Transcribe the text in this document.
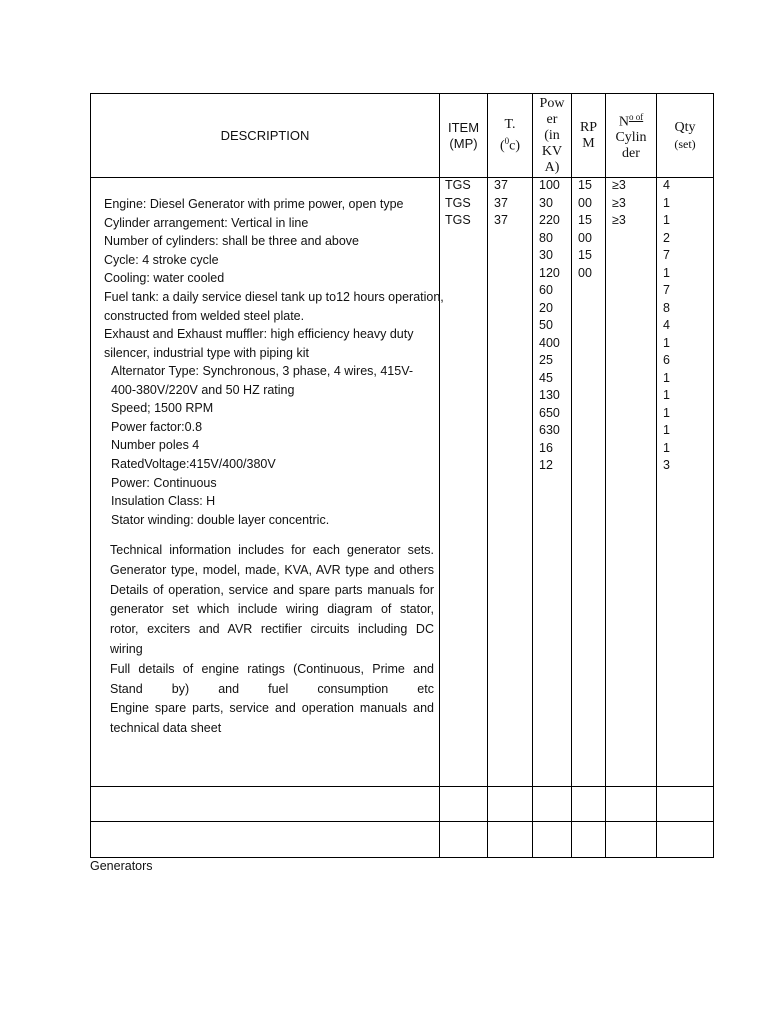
DESCRIPTION
ITEM
(MP)
T.
($^0$c)
Pow
er
(in
KV
A)
RP
M
$N^{o of}$
Cylin
der
Qty
(set)
Engine: Diesel Generator with prime power, open type
Cylinder arrangement: Vertical in line
Number of cylinders: shall be three and above
Cycle: 4 stroke cycle
Cooling: water cooled
Fuel tank: a daily service diesel tank up to12 hours operation,
constructed from welded steel plate.
Exhaust and Exhaust muffler: high efficiency heavy duty
silencer, industrial type with piping kit
Alternator Type: Synchronous, 3 phase, 4 wires, 415V-
400-380V/220V and 50 HZ rating
Speed; 1500 RPM
Power factor:0.8
Number poles 4
RatedVoltage:415V/400/380V
Power: Continuous
Insulation Class: H
Stator winding: double layer concentric.
Technical information includes for each generator sets.
Generator type, model, made, KVA, AVR type and others
Details of operation, service and spare parts manuals for
generator set which include wiring diagram of stator,
rotor, exciters and AVR rectifier circuits including DC
wiring
Full details of engine ratings (Continuous, Prime and
Stand by) and fuel consumption etc
Engine spare parts, service and operation manuals and
technical data sheet
TGS
TGS
TGS
37
37
37
100
30
220
80
30
120
60
20
50
400
25
45
130
650
630
16
12
15
00
15
00
15
00
≥3
≥3
≥3
4
1
1
2
7
1
7
8
4
1
6
1
1
1
1
1
3
Generators
